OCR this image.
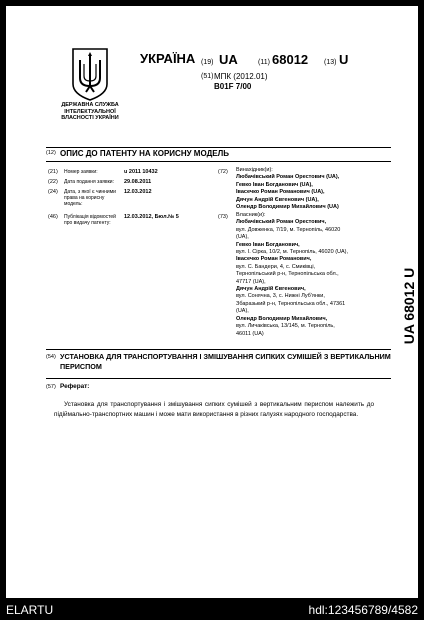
ДЕРЖАВНА СЛУЖБА ІНТЕЛЕКТУАЛЬНОЇ ВЛАСНОСТІ УКРАЇНИ
УКРАЇНА (19) UA	(11) 68012 (13) U
(51) МПК (2012.01)
B01F 7/00
(12) ОПИС ДО ПАТЕНТУ НА КОРИСНУ МОДЕЛЬ
(21) Номер заявки:	u 2011 10432
(22) Дата подання заявки: 29.08.2011
(24) Дата, з якої є чинними
права на корисну
модель:
12.03.2012
(46) Публікація відомостей
про видачу патенту:
12.03.2012, Бюл.№ 5
(72) Винахідник(и):
Любачівський Роман Орестович (UA),
Гевко Іван Богданович (UA),
Івасечко Роман Романович (UA),
Дячун Андрій Євгенович (UA),
Олендр Володимир Михайлович (UA)
(73) Власник(и):
Любачівський Роман Орестович,
вул. Довженка, 7/19, м. Тернопіль, 46020
(UA),
Гевко Іван Богданович,
вул. І. Сірка, 10/2, м. Тернопіль, 46020 (UA),
Івасечко Роман Романович,
вул. С. Бандери, 4, с. Смиківці,
Тернопільський р-н, Тернопільська обл.,
47717 (UA),
Дячун Андрій Євгенович,
вул. Сонячна, 3, с. Нижні Луб'янки,
Збаразький р-н, Тернопільська обл., 47361
(UA),
Олендр Володимир Михайлович,
вул. Личаківська, 13/145, м. Тернопіль,
46011 (UA)
(54) УСТАНОВКА ДЛЯ ТРАНСПОРТУВАННЯ І ЗМІШУВАННЯ СИПКИХ СУМІШЕЙ З ВЕРТИКАЛЬНИМ
ПЕРИСПОМ
(57) Реферат:
Установка для транспортування і змішування сипких сумішей з вертикальним периспом належить до підіймально-транспортних машин і може мати використання в різних галузях народного господарства.
UA 68012 U
ELARTU	hdl:123456789/4582
